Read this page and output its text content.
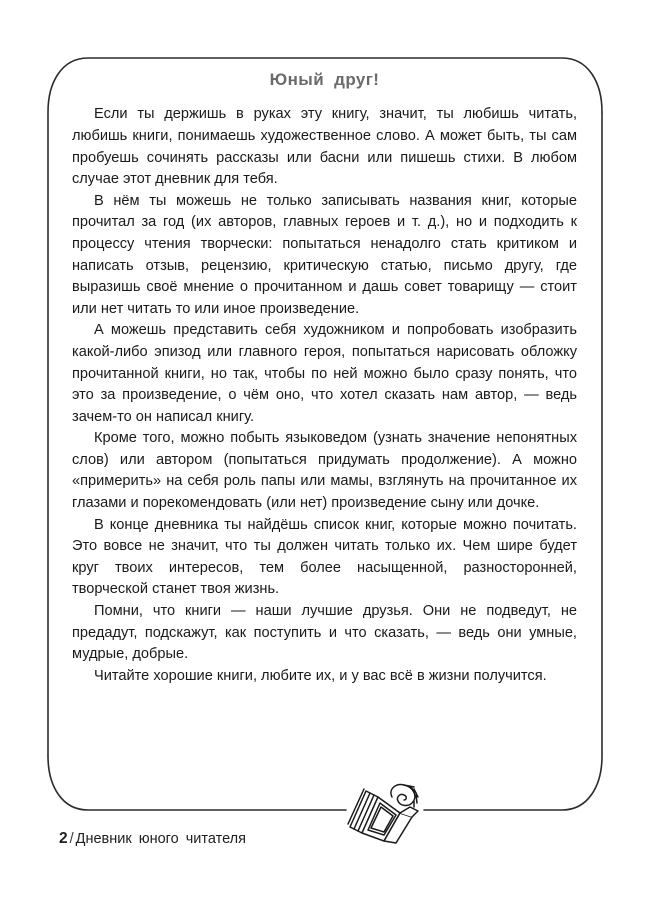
Юный друг!

Если ты держишь в руках эту книгу, значит, ты любишь читать, любишь книги, понимаешь художественное слово. А может быть, ты сам пробуешь сочинять рассказы или басни или пишешь стихи. В любом случае этот дневник для тебя.

В нём ты можешь не только записывать названия книг, которые прочитал за год (их авторов, главных героев и т. д.), но и подходить к процессу чтения творчески: попытаться ненадолго стать критиком и написать отзыв, рецензию, критическую статью, письмо другу, где выразишь своё мнение о прочитанном и дашь совет товарищу — стоит или нет читать то или иное произведение.

А можешь представить себя художником и попробовать изобразить какой-либо эпизод или главного героя, попытаться нарисовать обложку прочитанной книги, но так, чтобы по ней можно было сразу понять, что это за произведение, о чём оно, что хотел сказать нам автор, — ведь зачем-то он написал книгу.

Кроме того, можно побыть языковедом (узнать значение непонятных слов) или автором (попытаться придумать продолжение). А можно «примерить» на себя роль папы или мамы, взглянуть на прочитанное их глазами и порекомендовать (или нет) произведение сыну или дочке.

В конце дневника ты найдёшь список книг, которые можно почитать. Это вовсе не значит, что ты должен читать только их. Чем шире будет круг твоих интересов, тем более насыщенной, разносторонней, творческой станет твоя жизнь.

Помни, что книги — наши лучшие друзья. Они не подведут, не предадут, подскажут, как поступить и что сказать, — ведь они умные, мудрые, добрые.

Читайте хорошие книги, любите их, и у вас всё в жизни получится.

2 / Дневник юного читателя
